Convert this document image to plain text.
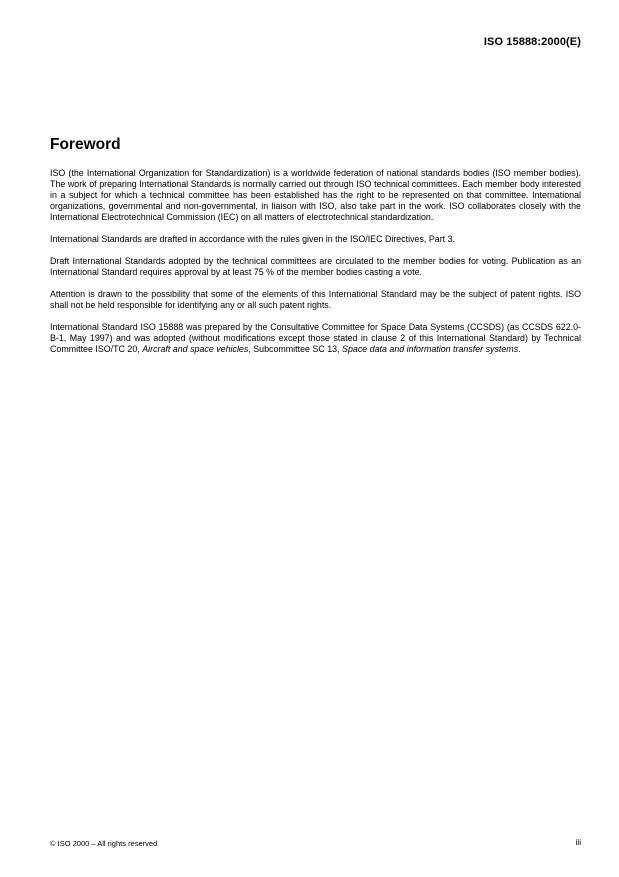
ISO 15888:2000(E)
Foreword

ISO (the International Organization for Standardization) is a worldwide federation of national standards bodies (ISO member bodies). The work of preparing International Standards is normally carried out through ISO technical committees. Each member body interested in a subject for which a technical committee has been established has the right to be represented on that committee. International organizations, governmental and non-governmental, in liaison with ISO, also take part in the work. ISO collaborates closely with the International Electrotechnical Commission (IEC) on all matters of electrotechnical standardization.

International Standards are drafted in accordance with the rules given in the ISO/IEC Directives, Part 3.

Draft International Standards adopted by the technical committees are circulated to the member bodies for voting. Publication as an International Standard requires approval by at least 75 % of the member bodies casting a vote.

Attention is drawn to the possibility that some of the elements of this International Standard may be the subject of patent rights. ISO shall not be held responsible for identifying any or all such patent rights.

International Standard ISO 15888 was prepared by the Consultative Committee for Space Data Systems (CCSDS) (as CCSDS 622.0-B-1, May 1997) and was adopted (without modifications except those stated in clause 2 of this International Standard) by Technical Committee ISO/TC 20, Aircraft and space vehicles, Subcommittee SC 13, Space data and information transfer systems.

© ISO 2000 – All rights reserved	iii
